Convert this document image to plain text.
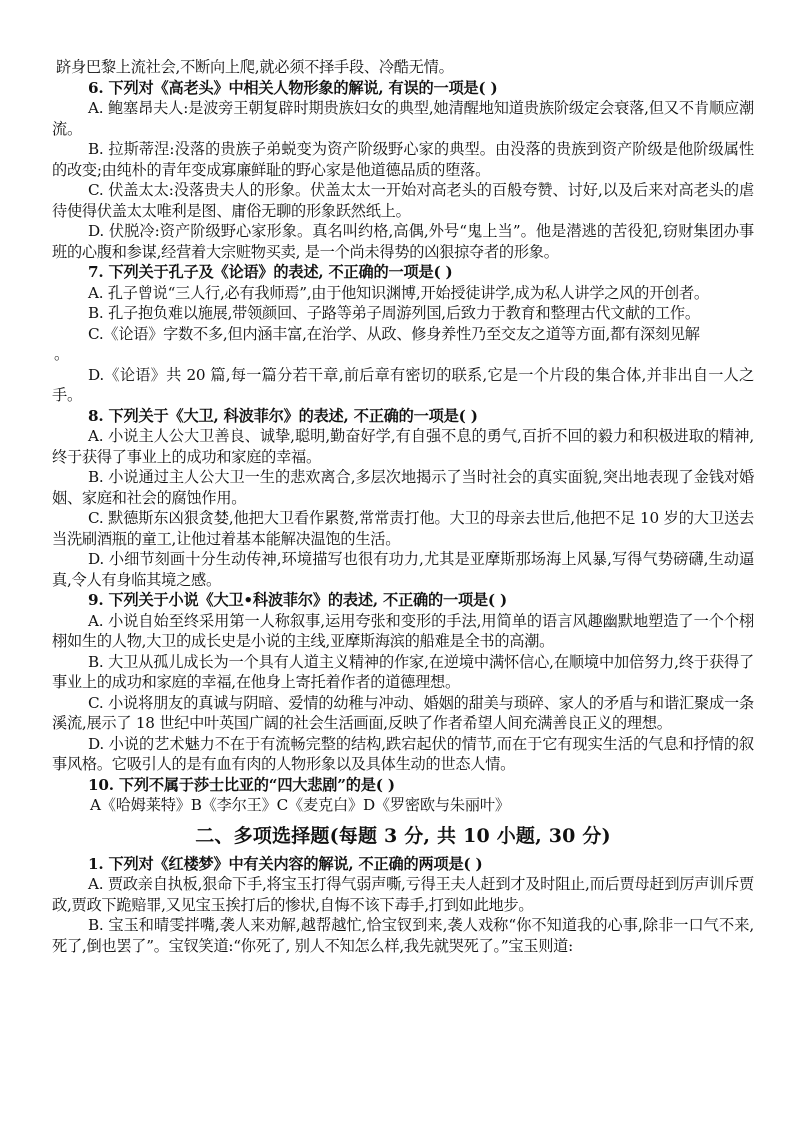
跻身巴黎上流社会,不断向上爬,就必须不择手段、冷酷无情。
6. 下列对《高老头》中相关人物形象的解说, 有误的一项是( )

A. 鲍塞昂夫人:是波旁王朝复辟时期贵族妇女的典型,她清醒地知道贵族阶级定会衰落,但又不肯顺应潮流。

B. 拉斯蒂涅:没落的贵族子弟蜕变为资产阶级野心家的典型。由没落的贵族到资产阶级是他阶级属性的改变;由纯朴的青年变成寡廉鲜耻的野心家是他道德品质的堕落。

C. 伏盖太太:没落贵夫人的形象。伏盖太太一开始对高老头的百般夸赞、讨好,以及后来对高老头的虐待使得伏盖太太唯利是图、庸俗无聊的形象跃然纸上。

D. 伏脱冷:资产阶级野心家形象。真名叫约格,高偶,外号“鬼上当”。他是潜逃的苦役犯,窃财集团办事班的心腹和参谋,经营着大宗赃物买卖, 是一个尚未得势的凶狠掠夺者的形象。

7. 下列关于孔子及《论语》的表述, 不正确的一项是( )

A. 孔子曾说“三人行,必有我师焉”,由于他知识渊博,开始授徒讲学,成为私人讲学之风的开创者。

B. 孔子抱负难以施展,带领颜回、子路等弟子周游列国,后致力于教育和整理古代文献的工作。

C.《论语》字数不多,但内涵丰富,在治学、从政、修身养性乃至交友之道等方面,都有深刻见解

。

D.《论语》共 20 篇,每一篇分若干章,前后章有密切的联系,它是一个片段的集合体,并非出自一人之手。

8. 下列关于《大卫, 科波菲尔》的表述, 不正确的一项是( )

A. 小说主人公大卫善良、诚挚,聪明,勤奋好学,有自强不息的勇气,百折不回的毅力和积极进取的精神,终于获得了事业上的成功和家庭的幸福。

B. 小说通过主人公大卫一生的悲欢离合,多层次地揭示了当时社会的真实面貌,突出地表现了金钱对婚姻、家庭和社会的腐蚀作用。

C. 默德斯东凶狠贪婪,他把大卫看作累赘,常常责打他。大卫的母亲去世后,他把不足 10 岁的大卫送去当洗刷酒瓶的童工,让他过着基本能解决温饱的生活。

D. 小细节刻画十分生动传神,环境描写也很有功力,尤其是亚摩斯那场海上风暴,写得气势磅礴,生动逼真,令人有身临其境之感。

9. 下列关于小说《大卫•科波菲尔》的表述, 不正确的一项是( )

A. 小说自始至终采用第一人称叙事,运用夸张和变形的手法,用简单的语言风趣幽默地塑造了一个个栩栩如生的人物,大卫的成长史是小说的主线,亚摩斯海滨的船难是全书的高潮。

B. 大卫从孤儿成长为一个具有人道主义精神的作家,在逆境中满怀信心,在顺境中加倍努力,终于获得了事业上的成功和家庭的幸福,在他身上寄托着作者的道德理想。

C. 小说将朋友的真诚与阴暗、爱情的幼稚与冲动、婚姻的甜美与琐碎、家人的矛盾与和谐汇聚成一条溪流,展示了 18 世纪中叶英国广阔的社会生活画面,反映了作者希望人间充满善良正义的理想。

D. 小说的艺术魅力不在于有流畅完整的结构,跌宕起伏的情节,而在于它有现实生活的气息和抒情的叙事风格。它吸引人的是有血有肉的人物形象以及具体生动的世态人情。

10. 下列不属于莎士比亚的“四大悲剧”的是( )
A《哈姆莱特》B《李尔王》C《麦克白》D《罗密欧与朱丽叶》
二、多项选择题(每题 3 分, 共 10 小题, 30 分)
1. 下列对《红楼梦》中有关内容的解说, 不正确的两项是( )

A. 贾政亲自执板,狠命下手,将宝玉打得气弱声嘶,亏得王夫人赶到才及时阻止,而后贾母赶到厉声训斥贾政,贾政下跪赔罪,又见宝玉挨打后的惨状,自悔不该下毒手,打到如此地步。

B. 宝玉和晴雯拌嘴,袭人来劝解,越帮越忙,恰宝钗到来,袭人戏称“你不知道我的心事,除非一口气不来,死了,倒也罢了”。宝钗笑道:“你死了, 别人不知怎么样,我先就哭死了。”宝玉则道:
